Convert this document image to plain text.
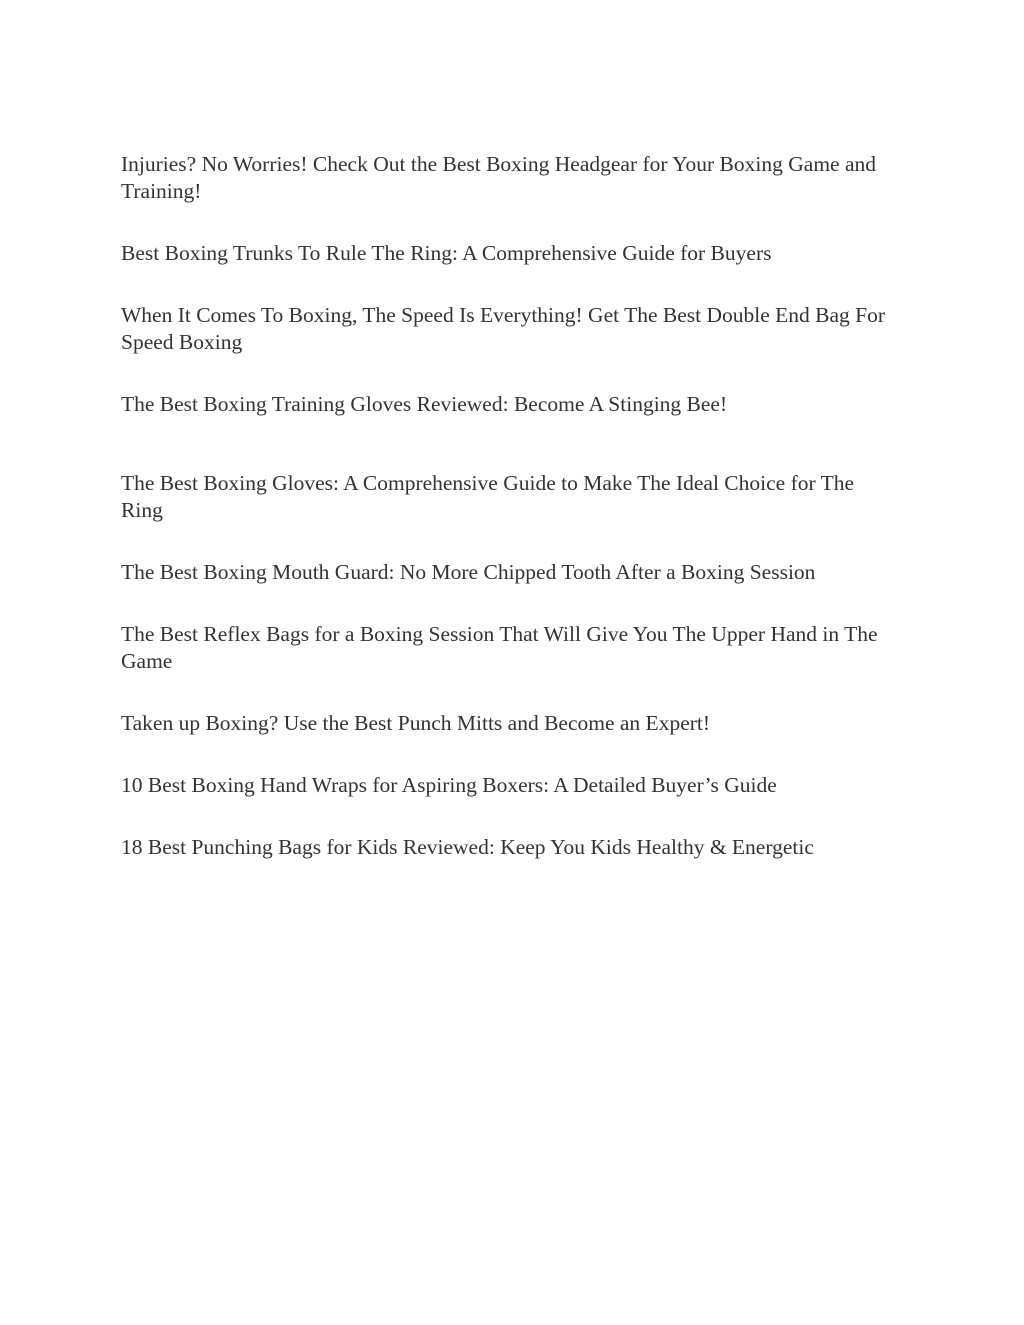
Injuries? No Worries! Check Out the Best Boxing Headgear for Your Boxing Game and Training!
Best Boxing Trunks To Rule The Ring: A Comprehensive Guide for Buyers
When It Comes To Boxing, The Speed Is Everything! Get The Best Double End Bag For Speed Boxing
The Best Boxing Training Gloves Reviewed: Become A Stinging Bee!
The Best Boxing Gloves: A Comprehensive Guide to Make The Ideal Choice for The Ring
The Best Boxing Mouth Guard: No More Chipped Tooth After a Boxing Session
The Best Reflex Bags for a Boxing Session That Will Give You The Upper Hand in The Game
Taken up Boxing? Use the Best Punch Mitts and Become an Expert!
10 Best Boxing Hand Wraps for Aspiring Boxers: A Detailed Buyer’s Guide
18 Best Punching Bags for Kids Reviewed: Keep You Kids Healthy & Energetic
